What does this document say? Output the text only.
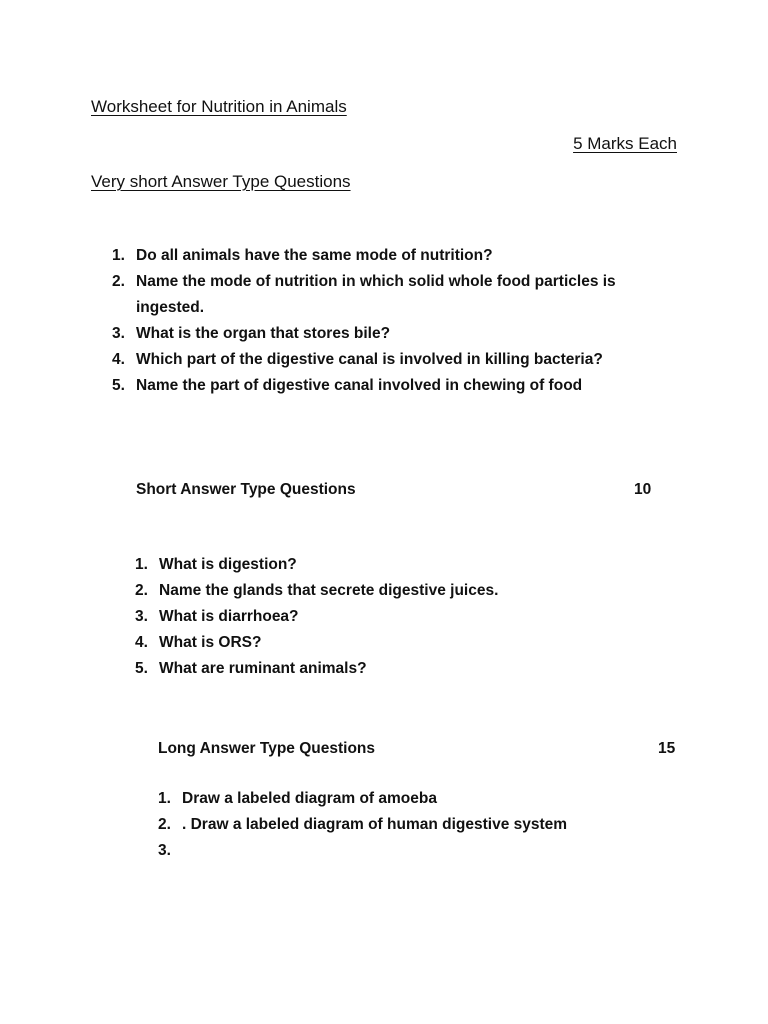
Worksheet for Nutrition in Animals
5 Marks Each
Very short Answer Type Questions
1. Do all animals have the same mode of nutrition?
2. Name the mode of nutrition in which solid whole food particles is
ingested.
3. What is the organ that stores bile?
4. Which part of the digestive canal is involved in killing bacteria?
5. Name the part of digestive canal involved in chewing of food
Short Answer Type Questions	10
1. What is digestion?
2. Name the glands that secrete digestive juices.
3. What is diarrhoea?
4. What is ORS?
5. What are ruminant animals?
Long Answer Type Questions	15
1. Draw a labeled diagram of amoeba
2. . Draw a labeled diagram of human digestive system
3.
